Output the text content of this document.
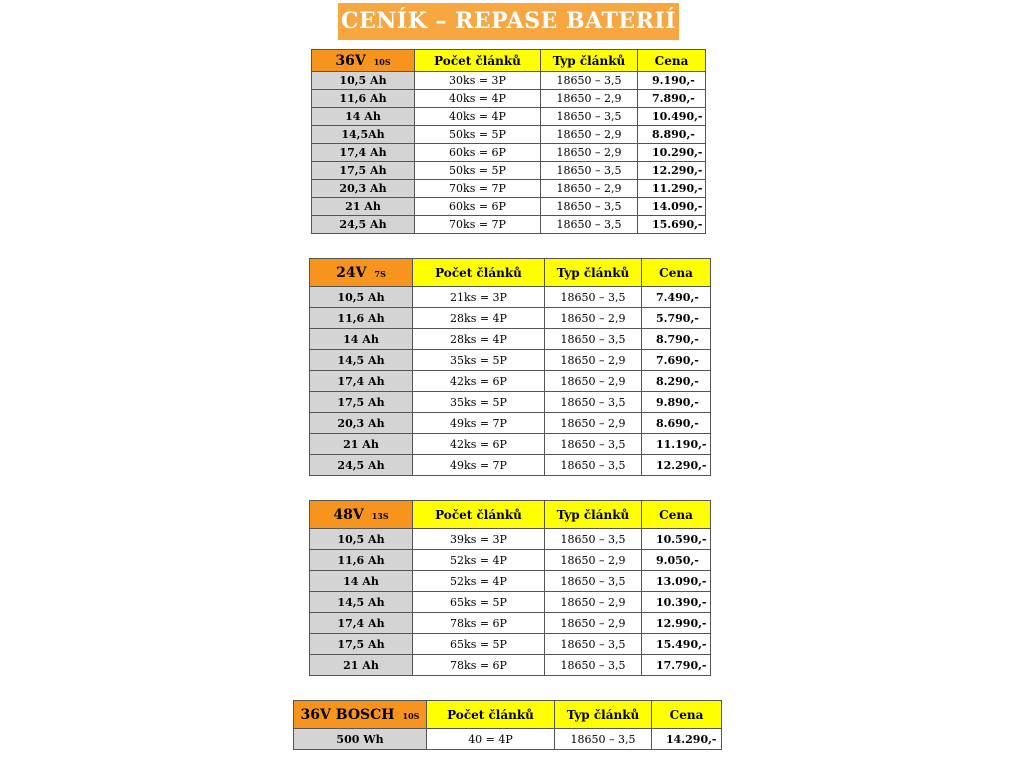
CENÍK – REPASE BATERIÍ
36V 10S	Počet článků	Typ článků	Cena
10,5 Ah	30ks = 3P	18650 – 3,5	9.190,-
11,6 Ah	40ks = 4P	18650 – 2,9	7.890,-
14 Ah	40ks = 4P	18650 – 3,5	10.490,-
14,5Ah	50ks = 5P	18650 – 2,9	8.890,-
17,4 Ah	60ks = 6P	18650 – 2,9	10.290,-
17,5 Ah	50ks = 5P	18650 – 3,5	12.290,-
20,3 Ah	70ks = 7P	18650 – 2,9	11.290,-
21 Ah	60ks = 6P	18650 – 3,5	14.090,-
24,5 Ah	70ks = 7P	18650 – 3,5	15.690,-
24V 7S	Počet článků	Typ článků	Cena
10,5 Ah	21ks = 3P	18650 – 3,5	7.490,-
11,6 Ah	28ks = 4P	18650 – 2,9	5.790,-
14 Ah	28ks = 4P	18650 – 3,5	8.790,-
14,5 Ah	35ks = 5P	18650 – 2,9	7.690,-
17,4 Ah	42ks = 6P	18650 – 2,9	8.290,-
17,5 Ah	35ks = 5P	18650 – 3,5	9.890,-
20,3 Ah	49ks = 7P	18650 – 2,9	8.690,-
21 Ah	42ks = 6P	18650 – 3,5	11.190,-
24,5 Ah	49ks = 7P	18650 – 3,5	12.290,-
48V 13S	Počet článků	Typ článků	Cena
10,5 Ah	39ks = 3P	18650 – 3,5	10.590,-
11,6 Ah	52ks = 4P	18650 – 2,9	9.050,-
14 Ah	52ks = 4P	18650 – 3,5	13.090,-
14,5 Ah	65ks = 5P	18650 – 2,9	10.390,-
17,4 Ah	78ks = 6P	18650 – 2,9	12.990,-
17,5 Ah	65ks = 5P	18650 – 3,5	15.490,-
21 Ah	78ks = 6P	18650 – 3,5	17.790,-
36V BOSCH 10S	Počet článků	Typ článků	Cena
500 Wh	40 = 4P	18650 – 3,5	14.290,-
